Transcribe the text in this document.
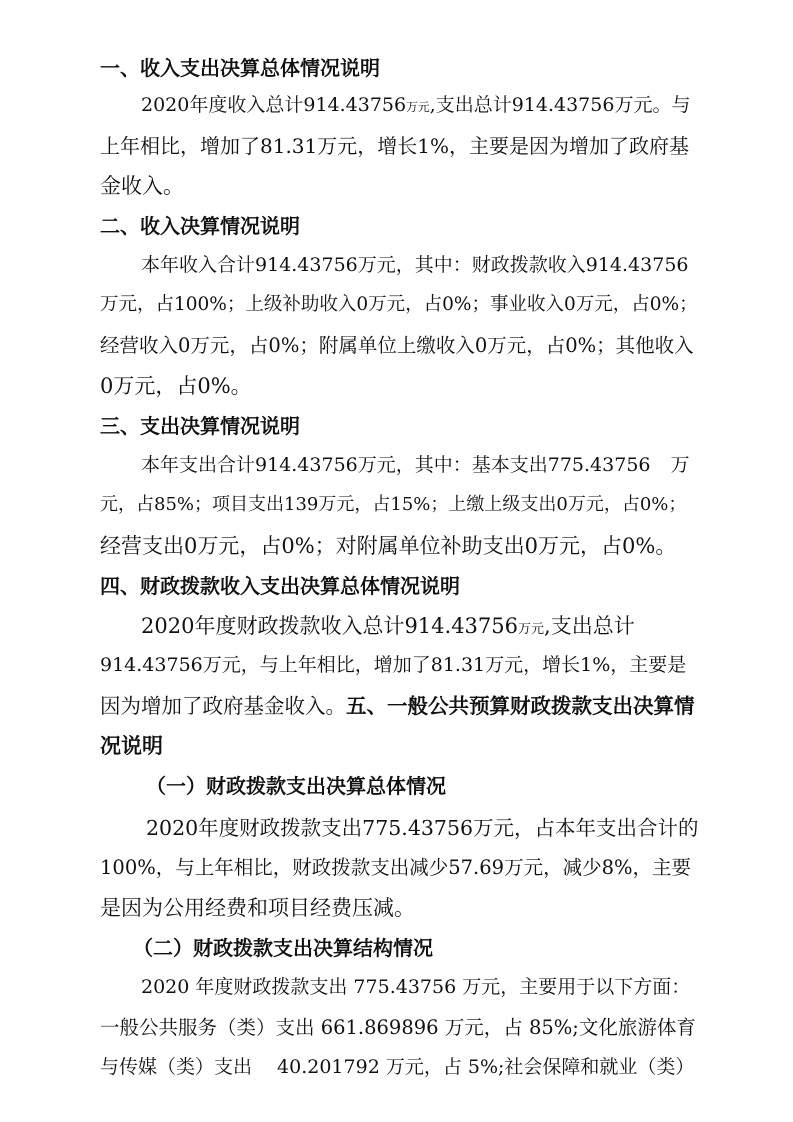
一、收入支出决算总体情况说明
2020年度收入总计914.43756万元,支出总计914.43756万元。与
上年相比，增加了81.31万元，增长1%，主要是因为增加了政府基
金收入。
二、收入决算情况说明
本年收入合计914.43756万元，其中：财政拨款收入914.43756
万元，占100%；上级补助收入0万元，占0%；事业收入0万元，占0%；
经营收入0万元，占0%；附属单位上缴收入0万元，占0%；其他收入
0万元，占0%。
三、支出决算情况说明
本年支出合计914.43756万元，其中：基本支出775.43756 万
元，占85%；项目支出139万元，占15%；上缴上级支出0万元，占0%；
经营支出0万元，占0%；对附属单位补助支出0万元，占0%。
四、财政拨款收入支出决算总体情况说明
2020年度财政拨款收入总计914.43756万元,支出总计
914.43756万元，与上年相比，增加了81.31万元，增长1%，主要是
因为增加了政府基金收入。五、一般公共预算财政拨款支出决算情
况说明
（一）财政拨款支出决算总体情况
2020年度财政拨款支出775.43756万元，占本年支出合计的
100%，与上年相比，财政拨款支出减少57.69万元，减少8%，主要
是因为公用经费和项目经费压减。
（二）财政拨款支出决算结构情况
2020 年度财政拨款支出 775.43756 万元，主要用于以下方面：
一般公共服务（类）支出 661.869896 万元，占 85%;文化旅游体育
与传媒（类）支出　 40.201792 万元，占 5%;社会保障和就业（类）
